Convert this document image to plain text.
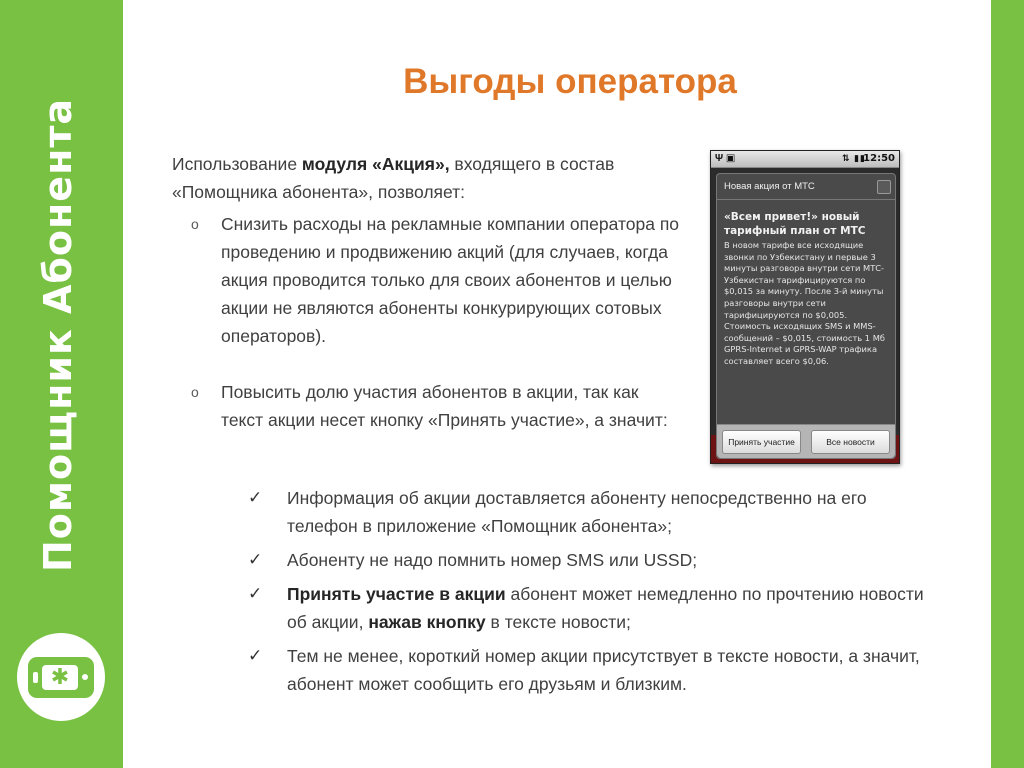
Помощник Абонента
✱
Выгоды оператора
Использование модуля «Акция», входящего в состав «Помощника абонента», позволяет:
o Снизить расходы на рекламные компании оператора по проведению и продвижению акций (для случаев, когда акция проводится только для своих абонентов и целью акции не являются абоненты конкурирующих сотовых операторов).
o Повысить долю участия абонентов в акции, так как текст акции несет кнопку «Принять участие», а значит:
✓ Информация об акции доставляется абоненту непосредственно на его телефон в приложение «Помощник абонента»;
✓ Абоненту не надо помнить номер SMS или USSD;
✓ Принять участие в акции абонент может немедленно по прочтению новости об акции, нажав кнопку в тексте новости;
✓ Тем не менее, короткий номер акции присутствует в тексте новости, а значит, абонент может сообщить его друзьям и близким.
Ψ ▣	⇅ ▮▮
12:50
Новая акция от МТС
«Всем привет!» новый тарифный план от МТС
В новом тарифе все исходящие звонки по Узбекистану и первые 3 минуты разговора внутри сети МТС-Узбекистан тарифицируются по $0,015 за минуту. После 3-й минуты разговоры внутри сети тарифицируются по $0,005. Стоимость исходящих SMS и MMS-сообщений – $0,015, стоимость 1 Мб GPRS-Internet и GPRS-WAP трафика составляет всего $0,06.
Принять участие	Все новости
